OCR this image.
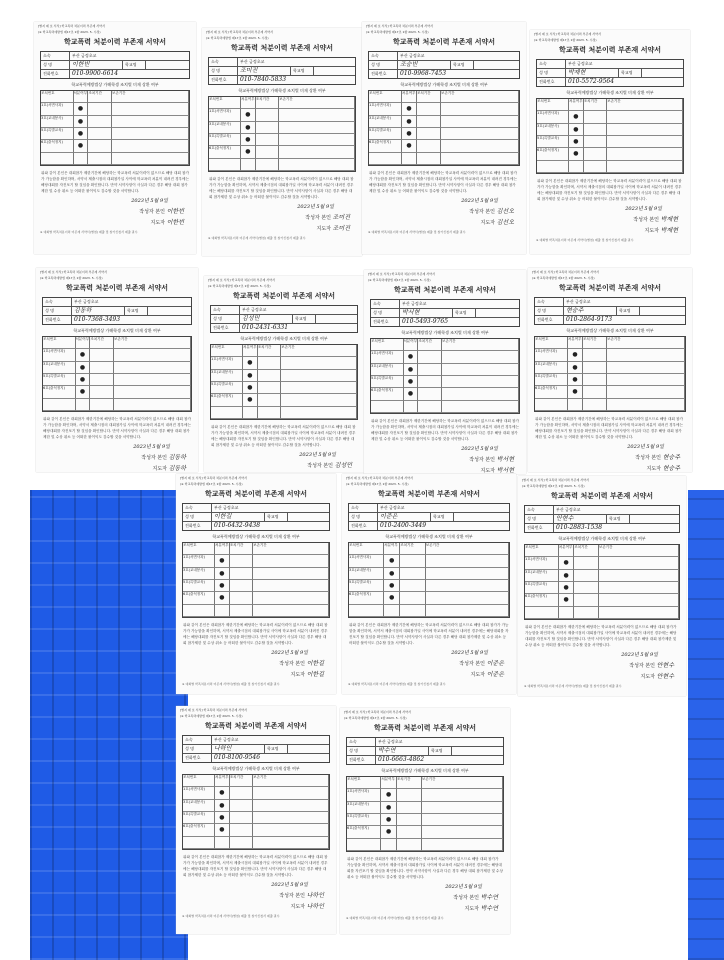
[별지 제 호 서식] 학교폭력 처분이력 부존재 서약서
(※ 학교폭력예방법 제17조 1항 2023. 5. 수정)
학교폭력 처분이력 부존재 서약서
소속	부산 금정초교
성 명	이한빈	학교명
전화번호	010-9900-6614
학교폭력예방법상 가해학생 조치별 미재 상환 여부
조치번호	처분여부 조치기간	보존기간
1호(서면사과)
●
3호(교내봉사)
●
5호(특별교육)
●
6호(출석정지)
●
위와 같이 본인은 대회참가 제한기간에 해당하는 학교폭력 처분이력이 없으므로 해당 대회 참가가 가능함을 확인하며, 서약서 제출시점의 대회참가일 사이에 학교폭력 처분이 내려진 경우에는 해당대회를 자진포기 할 것임을 확인합니다. 만약 서약사항이 사실과 다른 경우 해당 대회 참가제한 및 수상 취소 등 어떠한 불이익도 감수할 것을 서약합니다.
2023년 5월 9일
작성자 본인 이한빈
지도자 이한빈
※ 대회별 학폭처분이력 미존재 서약서(별첨) 제출 및 참가신청서 제출 필수
[별지 제 호 서식] 학교폭력 처분이력 부존재 서약서
(※ 학교폭력예방법 제17조 1항 2023. 5. 수정)
학교폭력 처분이력 부존재 서약서
소속	부산 금정초교
성 명	조미진	학교명
전화번호	010-7840-5833
학교폭력예방법상 가해학생 조치별 미재 상환 여부
조치번호	처분여부 조치기간	보존기간
1호(서면사과)
●
3호(교내봉사)
●
5호(특별교육)
●
6호(출석정지)
●
위와 같이 본인은 대회참가 제한기간에 해당하는 학교폭력 처분이력이 없으므로 해당 대회 참가가 가능함을 확인하며, 서약서 제출시점의 대회참가일 사이에 학교폭력 처분이 내려진 경우에는 해당대회를 자진포기 할 것임을 확인합니다. 만약 서약사항이 사실과 다른 경우 해당 대회 참가제한 및 수상 취소 등 어떠한 불이익도 감수할 것을 서약합니다.
2023년 5월 9일
작성자 본인 조미진
지도자 조미진
※ 대회별 학폭처분이력 미존재 서약서(별첨) 제출 및 참가신청서 제출 필수
[별지 제 호 서식] 학교폭력 처분이력 부존재 서약서
(※ 학교폭력예방법 제17조 1항 2023. 5. 수정)
학교폭력 처분이력 부존재 서약서
소속	부산 금정초교
성 명	조승빈	학교명
전화번호	010-9968-7453
학교폭력예방법상 가해학생 조치별 미재 상환 여부
조치번호	처분여부 조치기간	보존기간
1호(서면사과)
●
3호(교내봉사)
●
5호(특별교육)
●
6호(출석정지)
●
위와 같이 본인은 대회참가 제한기간에 해당하는 학교폭력 처분이력이 없으므로 해당 대회 참가가 가능함을 확인하며, 서약서 제출시점의 대회참가일 사이에 학교폭력 처분이 내려진 경우에는 해당대회를 자진포기 할 것임을 확인합니다. 만약 서약사항이 사실과 다른 경우 해당 대회 참가제한 및 수상 취소 등 어떠한 불이익도 감수할 것을 서약합니다.
2023년 5월 9일
작성자 본인 김선오
지도자 김선오
※ 대회별 학폭처분이력 미존재 서약서(별첨) 제출 및 참가신청서 제출 필수
[별지 제 호 서식] 학교폭력 처분이력 부존재 서약서
(※ 학교폭력예방법 제17조 1항 2023. 5. 수정)
학교폭력 처분이력 부존재 서약서
소속	부산 금정초교
성 명	박재현	학교명
전화번호	010-5572-9564
학교폭력예방법상 가해학생 조치별 미재 상환 여부
조치번호	처분여부 조치기간	보존기간
1호(서면사과)
●
3호(교내봉사)
●
5호(특별교육)
●
6호(출석정지)
●
위와 같이 본인은 대회참가 제한기간에 해당하는 학교폭력 처분이력이 없으므로 해당 대회 참가가 가능함을 확인하며, 서약서 제출시점의 대회참가일 사이에 학교폭력 처분이 내려진 경우에는 해당대회를 자진포기 할 것임을 확인합니다. 만약 서약사항이 사실과 다른 경우 해당 대회 참가제한 및 수상 취소 등 어떠한 불이익도 감수할 것을 서약합니다.
2023년 5월 9일
작성자 본인 박재현
지도자 박재현
※ 대회별 학폭처분이력 미존재 서약서(별첨) 제출 및 참가신청서 제출 필수
[별지 제 호 서식] 학교폭력 처분이력 부존재 서약서
(※ 학교폭력예방법 제17조 1항 2023. 5. 수정)
학교폭력 처분이력 부존재 서약서
소속	부산 금정초교
성 명	김동하	학교명
전화번호	010-7368-3493
학교폭력예방법상 가해학생 조치별 미재 상환 여부
조치번호	처분여부 조치기간	보존기간
1호(서면사과)
●
3호(교내봉사)
●
5호(특별교육)
●
6호(출석정지)
●
위와 같이 본인은 대회참가 제한기간에 해당하는 학교폭력 처분이력이 없으므로 해당 대회 참가가 가능함을 확인하며, 서약서 제출시점의 대회참가일 사이에 학교폭력 처분이 내려진 경우에는 해당대회를 자진포기 할 것임을 확인합니다. 만약 서약사항이 사실과 다른 경우 해당 대회 참가제한 및 수상 취소 등 어떠한 불이익도 감수할 것을 서약합니다.
2023년 5월 9일
작성자 본인 김동하
지도자 김동하
[별지 제 호 서식] 학교폭력 처분이력 부존재 서약서
(※ 학교폭력예방법 제17조 1항 2023. 5. 수정)
학교폭력 처분이력 부존재 서약서
소속	부산 금정초교
성 명	김성민	학교명
전화번호	010-2431-6331
학교폭력예방법상 가해학생 조치별 미재 상환 여부
조치번호	처분여부 조치기간	보존기간
1호(서면사과)
●
3호(교내봉사)
●
5호(특별교육)
●
6호(출석정지)
●
위와 같이 본인은 대회참가 제한기간에 해당하는 학교폭력 처분이력이 없으므로 해당 대회 참가가 가능함을 확인하며, 서약서 제출시점의 대회참가일 사이에 학교폭력 처분이 내려진 경우에는 해당대회를 자진포기 할 것임을 확인합니다. 만약 서약사항이 사실과 다른 경우 해당 대회 참가제한 및 수상 취소 등 어떠한 불이익도 감수할 것을 서약합니다.
2023년 5월 9일
작성자 본인 김성민
[별지 제 호 서식] 학교폭력 처분이력 부존재 서약서
(※ 학교폭력예방법 제17조 1항 2023. 5. 수정)
학교폭력 처분이력 부존재 서약서
소속	부산 금정초교
성 명	박서현	학교명
전화번호	010-5493-9765
학교폭력예방법상 가해학생 조치별 미재 상환 여부
조치번호	처분여부 조치기간	보존기간
1호(서면사과)
●
3호(교내봉사)
●
5호(특별교육)
●
6호(출석정지)
●
위와 같이 본인은 대회참가 제한기간에 해당하는 학교폭력 처분이력이 없으므로 해당 대회 참가가 가능함을 확인하며, 서약서 제출시점의 대회참가일 사이에 학교폭력 처분이 내려진 경우에는 해당대회를 자진포기 할 것임을 확인합니다. 만약 서약사항이 사실과 다른 경우 해당 대회 참가제한 및 수상 취소 등 어떠한 불이익도 감수할 것을 서약합니다.
2023년 5월 9일
작성자 본인 박서현
지도자 박서현
[별지 제 호 서식] 학교폭력 처분이력 부존재 서약서
(※ 학교폭력예방법 제17조 1항 2023. 5. 수정)
학교폭력 처분이력 부존재 서약서
소속	부산 금정초교
성 명	현승주	학교명
전화번호	010-2864-9173
학교폭력예방법상 가해학생 조치별 미재 상환 여부
조치번호	처분여부 조치기간	보존기간
1호(서면사과)
●
3호(교내봉사)
●
5호(특별교육)
●
6호(출석정지)
●
위와 같이 본인은 대회참가 제한기간에 해당하는 학교폭력 처분이력이 없으므로 해당 대회 참가가 가능함을 확인하며, 서약서 제출시점의 대회참가일 사이에 학교폭력 처분이 내려진 경우에는 해당대회를 자진포기 할 것임을 확인합니다. 만약 서약사항이 사실과 다른 경우 해당 대회 참가제한 및 수상 취소 등 어떠한 불이익도 감수할 것을 서약합니다.
2023년 5월 9일
작성자 본인 현승주
지도자 현승주
[별지 제 호 서식] 학교폭력 처분이력 부존재 서약서
(※ 학교폭력예방법 제17조 1항 2023. 5. 수정)
학교폭력 처분이력 부존재 서약서
소속	부산 금정초교
성 명	이한길	학교명
전화번호	010-6432-9438
학교폭력예방법상 가해학생 조치별 미재 상환 여부
조치번호	처분여부 조치기간	보존기간
1호(서면사과)
●
3호(교내봉사)
●
5호(특별교육)
●
6호(출석정지)
●
위와 같이 본인은 대회참가 제한기간에 해당하는 학교폭력 처분이력이 없으므로 해당 대회 참가가 가능함을 확인하며, 서약서 제출시점의 대회참가일 사이에 학교폭력 처분이 내려진 경우에는 해당대회를 자진포기 할 것임을 확인합니다. 만약 서약사항이 사실과 다른 경우 해당 대회 참가제한 및 수상 취소 등 어떠한 불이익도 감수할 것을 서약합니다.
2023년 5월 9일
작성자 본인 이한길
지도자 이한길
※ 대회별 학폭처분이력 미존재 서약서(별첨) 제출 및 참가신청서 제출 필수
[별지 제 호 서식] 학교폭력 처분이력 부존재 서약서
(※ 학교폭력예방법 제17조 1항 2023. 5. 수정)
학교폭력 처분이력 부존재 서약서
소속	부산 금정초교
성 명	이준은	학교명
전화번호	010-2400-3449
학교폭력예방법상 가해학생 조치별 미재 상환 여부
조치번호	처분여부 조치기간	보존기간
1호(서면사과)
●
3호(교내봉사)
●
5호(특별교육)
●
6호(출석정지)
●
위와 같이 본인은 대회참가 제한기간에 해당하는 학교폭력 처분이력이 없으므로 해당 대회 참가가 가능함을 확인하며, 서약서 제출시점의 대회참가일 사이에 학교폭력 처분이 내려진 경우에는 해당대회를 자진포기 할 것임을 확인합니다. 만약 서약사항이 사실과 다른 경우 해당 대회 참가제한 및 수상 취소 등 어떠한 불이익도 감수할 것을 서약합니다.
2023년 5월 9일
작성자 본인 이준은
지도자 이준은
※ 대회별 학폭처분이력 미존재 서약서(별첨) 제출 및 참가신청서 제출 필수
[별지 제 호 서식] 학교폭력 처분이력 부존재 서약서
(※ 학교폭력예방법 제17조 1항 2023. 5. 수정)
학교폭력 처분이력 부존재 서약서
소속	부산 금정초교
성 명	안현수	학교명
전화번호	010-2883-1538
학교폭력예방법상 가해학생 조치별 미재 상환 여부
조치번호	처분여부 조치기간	보존기간
1호(서면사과)
●
3호(교내봉사)
●
5호(특별교육)
●
6호(출석정지)
●
위와 같이 본인은 대회참가 제한기간에 해당하는 학교폭력 처분이력이 없으므로 해당 대회 참가가 가능함을 확인하며, 서약서 제출시점의 대회참가일 사이에 학교폭력 처분이 내려진 경우에는 해당대회를 자진포기 할 것임을 확인합니다. 만약 서약사항이 사실과 다른 경우 해당 대회 참가제한 및 수상 취소 등 어떠한 불이익도 감수할 것을 서약합니다.
2023년 5월 9일
작성자 본인 안현수
지도자 안현수
※ 대회별 학폭처분이력 미존재 서약서(별첨) 제출 및 참가신청서 제출 필수
[별지 제 호 서식] 학교폭력 처분이력 부존재 서약서
(※ 학교폭력예방법 제17조 1항 2023. 5. 수정)
학교폭력 처분이력 부존재 서약서
소속	부산 금정초교
성 명	나하인	학교명
전화번호	010-8100-9546
학교폭력예방법상 가해학생 조치별 미재 상환 여부
조치번호	처분여부 조치기간	보존기간
1호(서면사과)
●
3호(교내봉사)
●
5호(특별교육)
●
6호(출석정지)
●
위와 같이 본인은 대회참가 제한기간에 해당하는 학교폭력 처분이력이 없으므로 해당 대회 참가가 가능함을 확인하며, 서약서 제출시점의 대회참가일 사이에 학교폭력 처분이 내려진 경우에는 해당대회를 자진포기 할 것임을 확인합니다. 만약 서약사항이 사실과 다른 경우 해당 대회 참가제한 및 수상 취소 등 어떠한 불이익도 감수할 것을 서약합니다.
2023년 5월 9일
작성자 본인 나하인
지도자 나하인
※ 대회별 학폭처분이력 미존재 서약서(별첨) 제출 및 참가신청서 제출 필수
[별지 제 호 서식] 학교폭력 처분이력 부존재 서약서
(※ 학교폭력예방법 제17조 1항 2023. 5. 수정)
학교폭력 처분이력 부존재 서약서
소속	부산 금정초교
성 명	박수연	학교명
전화번호	010-6663-4862
학교폭력예방법상 가해학생 조치별 미재 상환 여부
조치번호	처분여부 조치기간	보존기간
1호(서면사과)
●
3호(교내봉사)
●
5호(특별교육)
●
6호(출석정지)
●
위와 같이 본인은 대회참가 제한기간에 해당하는 학교폭력 처분이력이 없으므로 해당 대회 참가가 가능함을 확인하며, 서약서 제출시점의 대회참가일 사이에 학교폭력 처분이 내려진 경우에는 해당대회를 자진포기 할 것임을 확인합니다. 만약 서약사항이 사실과 다른 경우 해당 대회 참가제한 및 수상 취소 등 어떠한 불이익도 감수할 것을 서약합니다.
2023년 5월 9일
작성자 본인 박수연
지도자 박수연
※ 대회별 학폭처분이력 미존재 서약서(별첨) 제출 및 참가신청서 제출 필수
